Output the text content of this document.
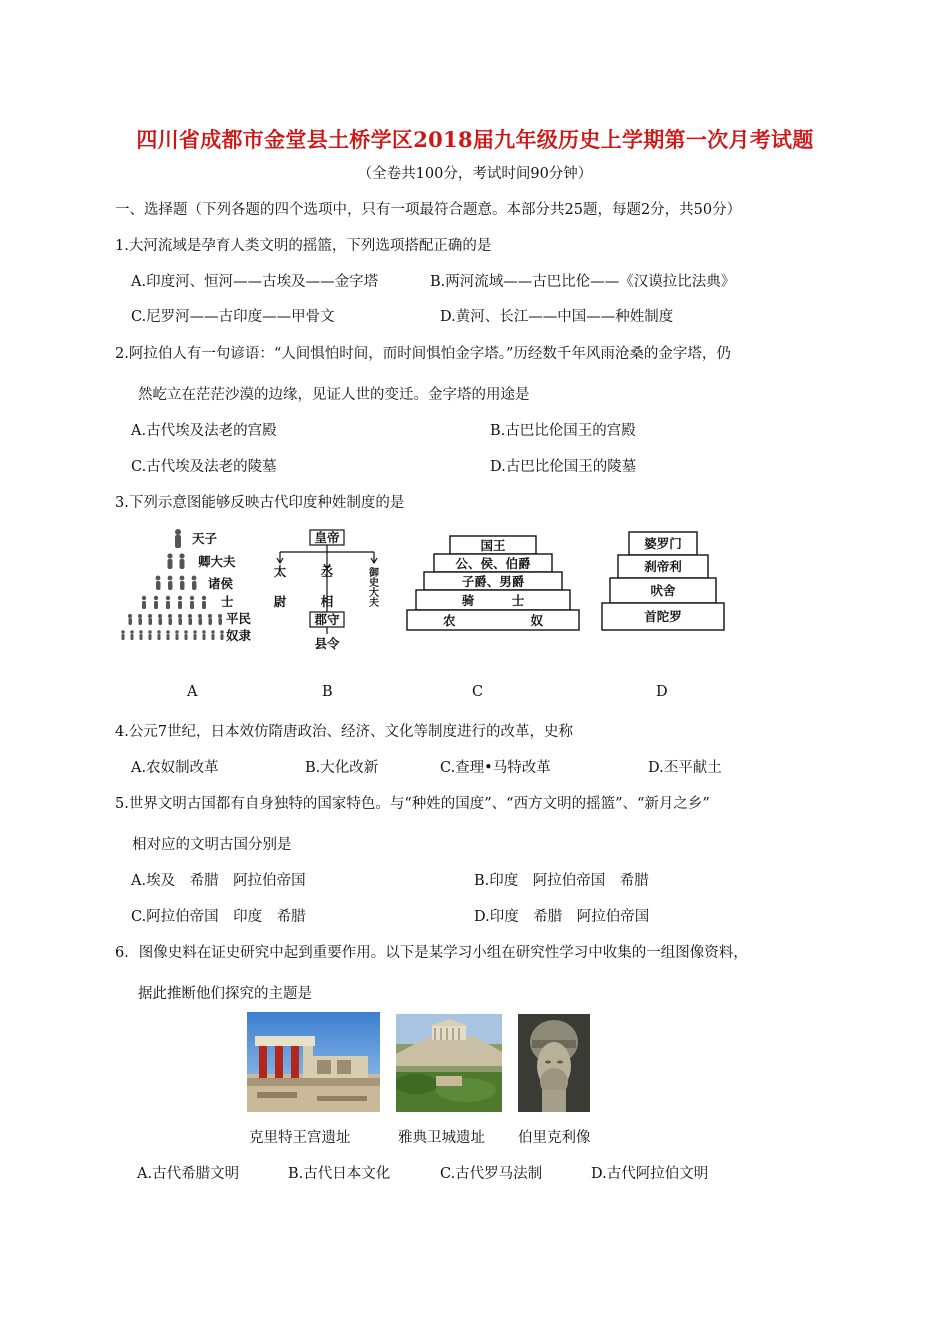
四川省成都市金堂县土桥学区2018届九年级历史上学期第一次月考试题
（全卷共100分，考试时间90分钟）
一、选择题（下列各题的四个选项中，只有一项最符合题意。本部分共25题，每题2分，共50分）
1.大河流域是孕育人类文明的摇篮，下列选项搭配正确的是
A.印度河、恒河——古埃及——金字塔	B.两河流域——古巴比伦——《汉谟拉比法典》
C.尼罗河——古印度——甲骨文	D.黄河、长江——中国——种姓制度
2.阿拉伯人有一句谚语：“人间惧怕时间，而时间惧怕金字塔。”历经数千年风雨沧桑的金字塔，仍
然屹立在茫茫沙漠的边缘，见证人世的变迁。金字塔的用途是
A.古代埃及法老的宫殿	B.古巴比伦国王的宫殿
C.古代埃及法老的陵墓	D.古巴比伦国王的陵墓
3.下列示意图能够反映古代印度种姓制度的是
天子
卿大夫
诸侯
士
平民
奴隶
皇帝
太
尉
丞
相
御
史
大
夫
郡守
县令
国王
公、侯、伯爵
子爵、男爵
骑　　　士
农　　　　　　奴
婆罗门
刹帝利
吠舍
首陀罗
A	B	C	D
4.公元7世纪，日本效仿隋唐政治、经济、文化等制度进行的改革，史称
A.农奴制改革	B.大化改新	C.查理•马特改革	D.丕平献土
5.世界文明古国都有自身独特的国家特色。与“种姓的国度”、“西方文明的摇篮”、“新月之乡”
相对应的文明古国分别是
A.埃及　希腊　阿拉伯帝国	B.印度　阿拉伯帝国　希腊
C.阿拉伯帝国　印度　希腊	D.印度　希腊　阿拉伯帝国
6．图像史料在证史研究中起到重要作用。以下是某学习小组在研究性学习中收集的一组图像资料，
据此推断他们探究的主题是
克里特王宫遗址	雅典卫城遗址 伯里克利像
A.古代希腊文明	B.古代日本文化	C.古代罗马法制	D.古代阿拉伯文明
